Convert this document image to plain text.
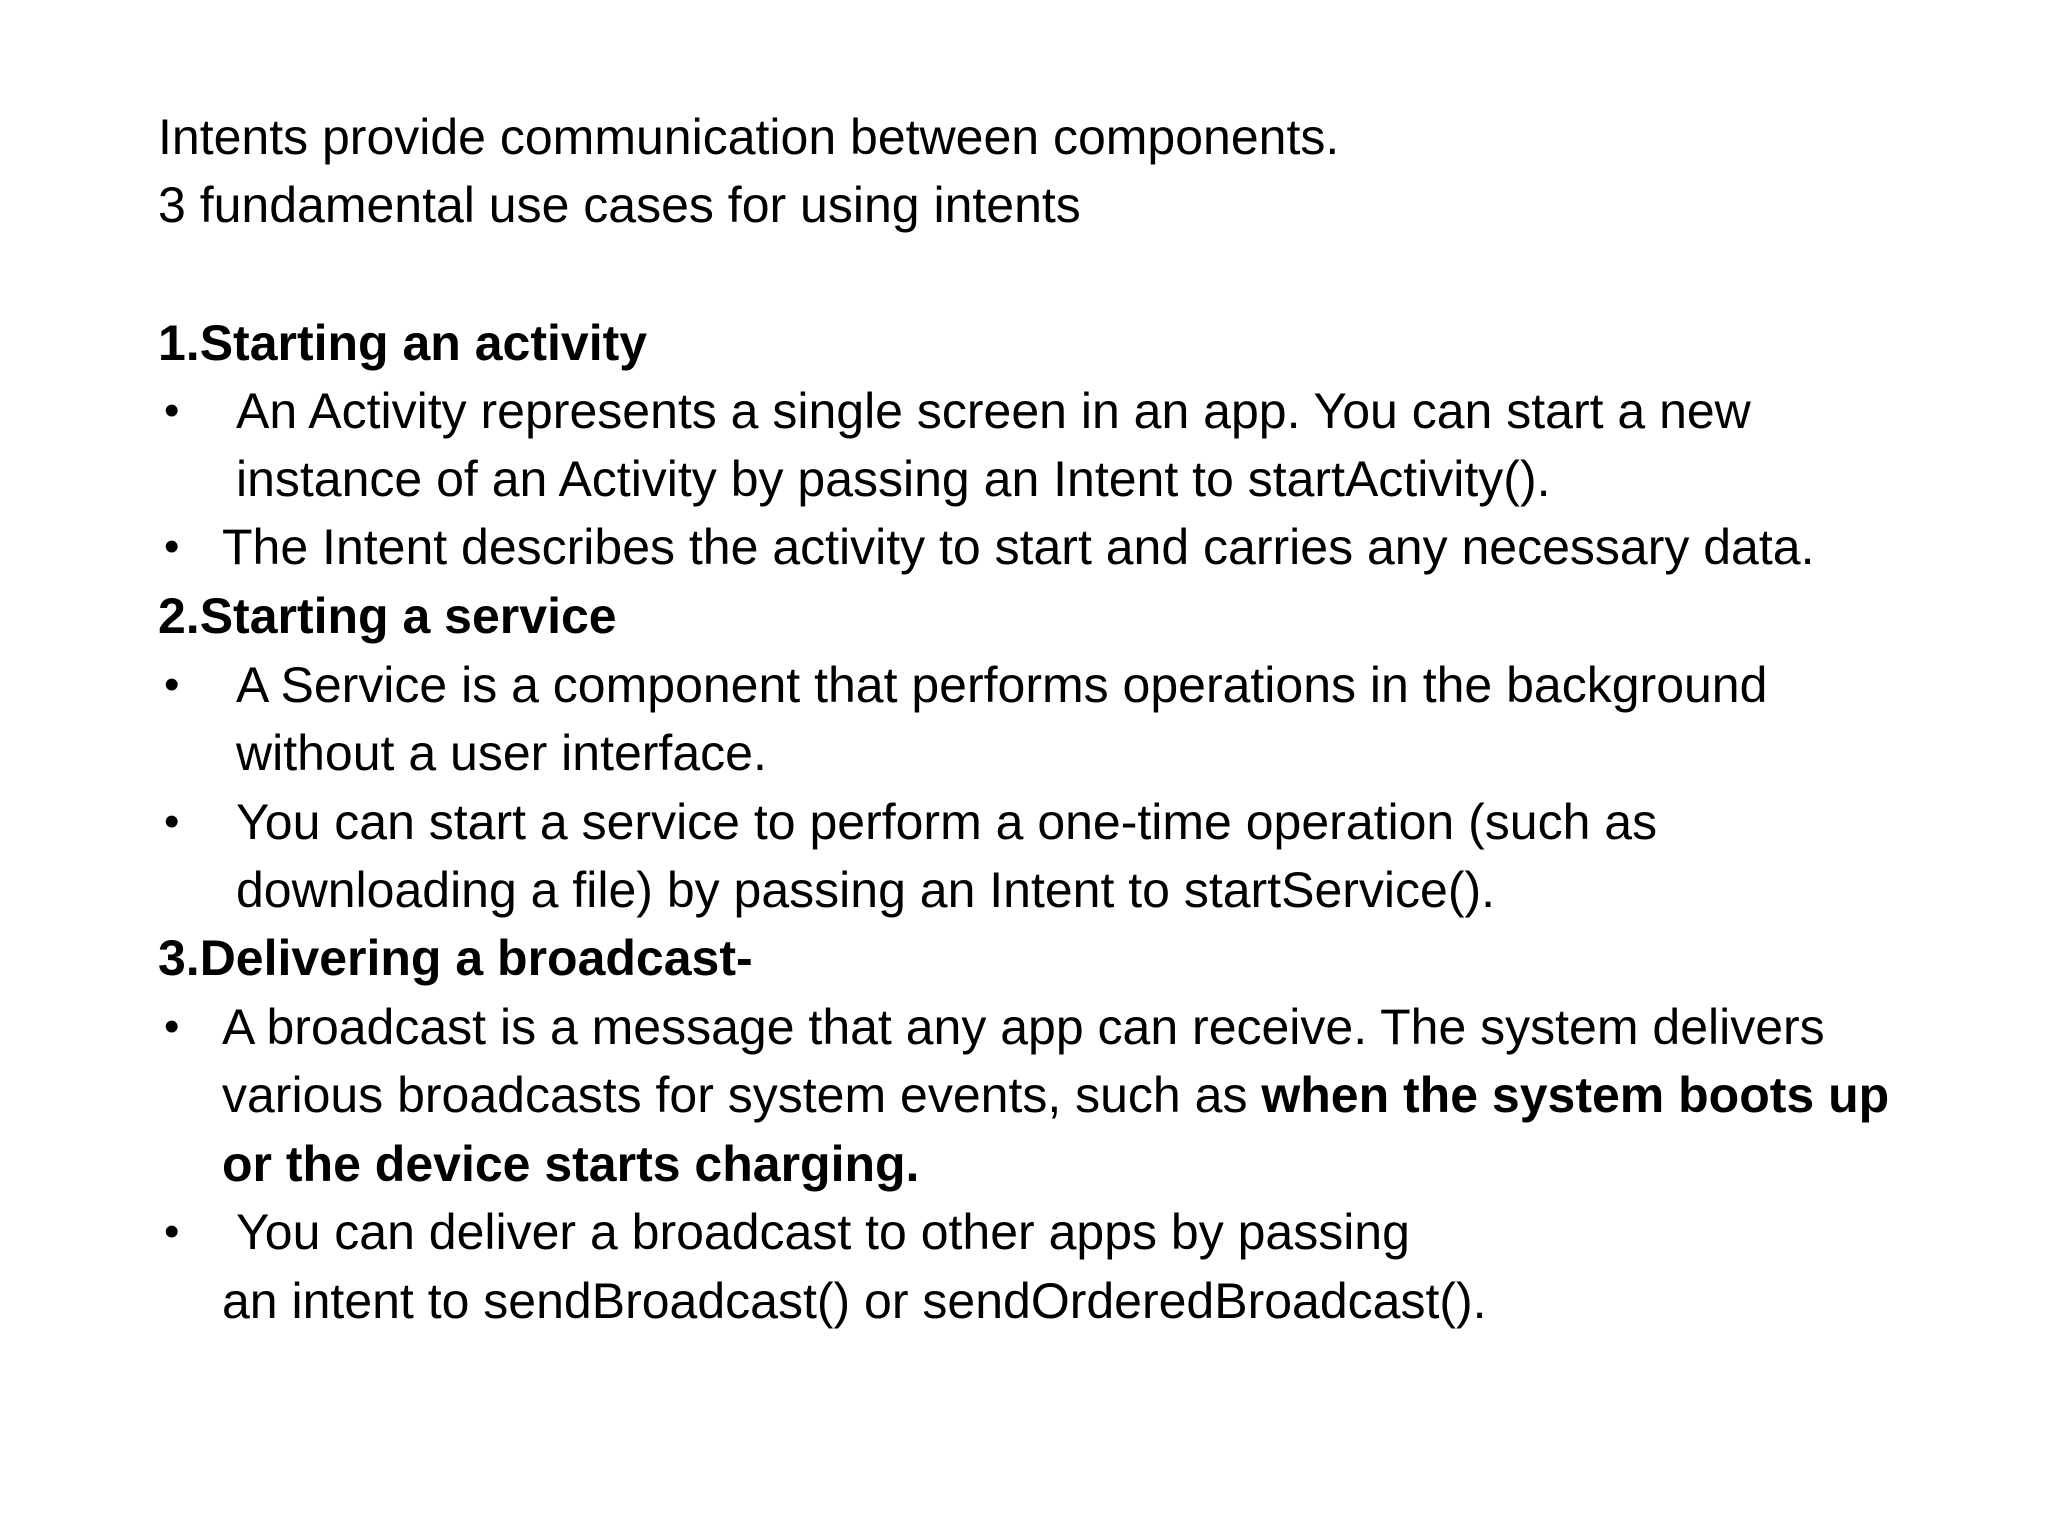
Intents provide communication between components.
3 fundamental use cases for using intents
1.Starting an activity
• An Activity represents a single screen in an app. You can start a new
instance of an Activity by passing an Intent to startActivity().
• The Intent describes the activity to start and carries any necessary data.
2.Starting a service
• A Service is a component that performs operations in the background
without a user interface.
• You can start a service to perform a one-time operation (such as
downloading a file) by passing an Intent to startService().
3.Delivering a broadcast-
• A broadcast is a message that any app can receive. The system delivers
various broadcasts for system events, such as when the system boots up
or the device starts charging.
• You can deliver a broadcast to other apps by passing
an intent to sendBroadcast() or sendOrderedBroadcast().
